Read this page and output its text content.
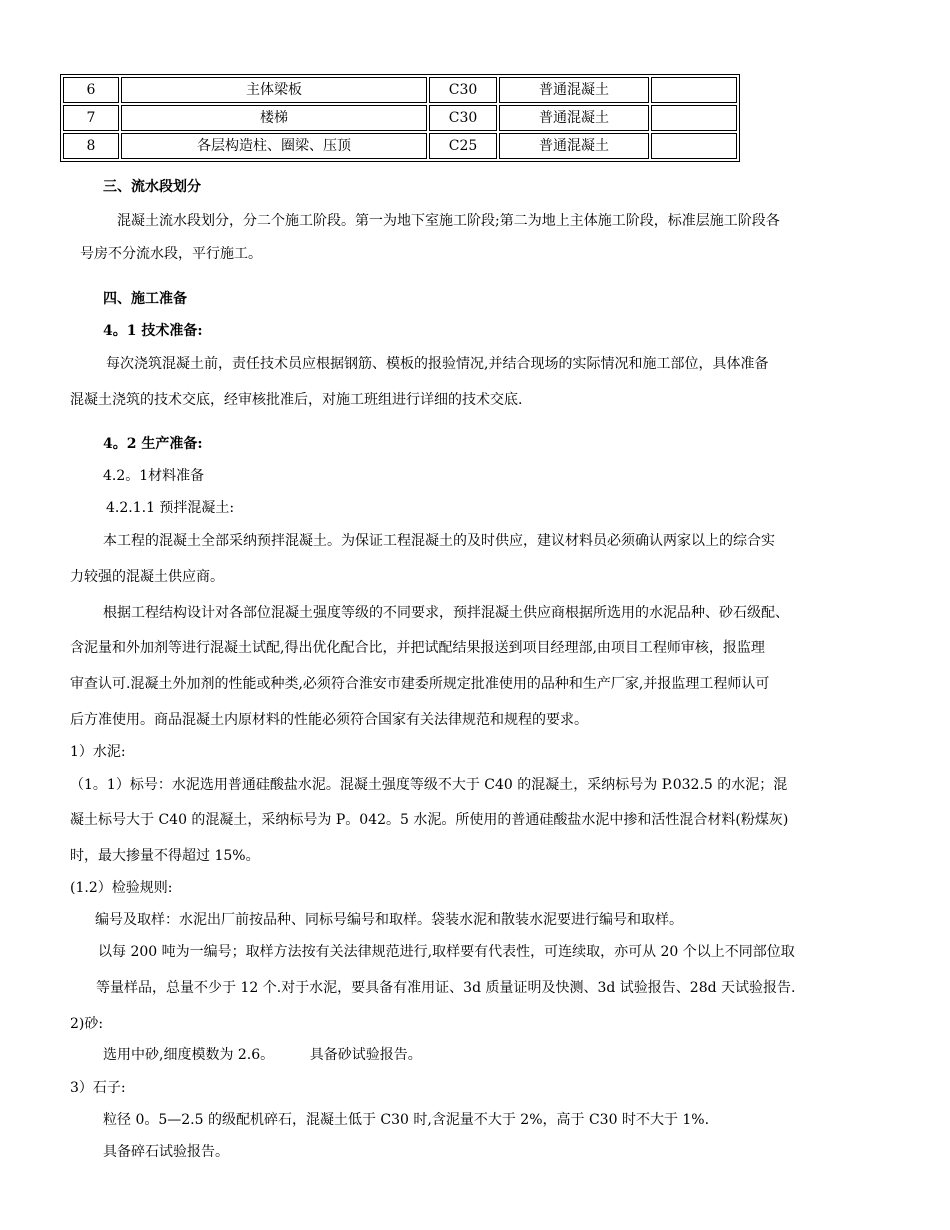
6	主体梁板	C30	普通混凝土	
7	楼梯	C30	普通混凝土	
8	各层构造柱、圈梁、压顶	C25	普通混凝土	
三、流水段划分
混凝土流水段划分，分二个施工阶段。第一为地下室施工阶段;第二为地上主体施工阶段，标准层施工阶段各
号房不分流水段，平行施工。
四、施工准备
4。1 技术准备:
每次浇筑混凝土前，责任技术员应根据钢筋、模板的报验情况,并结合现场的实际情况和施工部位，具体准备
混凝土浇筑的技术交底，经审核批准后，对施工班组进行详细的技术交底.
4。2 生产准备:
4.2。1材料准备
4.2.1.1 预拌混凝土:
本工程的混凝土全部采纳预拌混凝土。为保证工程混凝土的及时供应，建议材料员必须确认两家以上的综合实
力较强的混凝土供应商。
根据工程结构设计对各部位混凝土强度等级的不同要求，预拌混凝土供应商根据所选用的水泥品种、砂石级配、
含泥量和外加剂等进行混凝土试配,得出优化配合比，并把试配结果报送到项目经理部,由项目工程师审核，报监理
审查认可.混凝土外加剂的性能或种类,必须符合淮安市建委所规定批准使用的品种和生产厂家,并报监理工程师认可
后方准使用。商品混凝土内原材料的性能必须符合国家有关法律规范和规程的要求。
1）水泥:
（1。1）标号：水泥选用普通硅酸盐水泥。混凝土强度等级不大于 C40 的混凝土，采纳标号为 P.032.5 的水泥；混
凝土标号大于 C40 的混凝土，采纳标号为 P。042。5 水泥。所使用的普通硅酸盐水泥中掺和活性混合材料(粉煤灰)
时，最大掺量不得超过 15%。
(1.2）检验规则:
编号及取样：水泥出厂前按品种、同标号编号和取样。袋装水泥和散装水泥要进行编号和取样。
以每 200 吨为一编号；取样方法按有关法律规范进行,取样要有代表性，可连续取，亦可从 20 个以上不同部位取
等量样品，总量不少于 12 个.对于水泥，要具备有准用证、3d 质量证明及快测、3d 试验报告、28d 天试验报告.
2)砂:
选用中砂,细度模数为 2.6。        具备砂试验报告。
3）石子:
粒径 0。5—2.5 的级配机碎石，混凝土低于 C30 时,含泥量不大于 2%，高于 C30 时不大于 1%.
具备碎石试验报告。
